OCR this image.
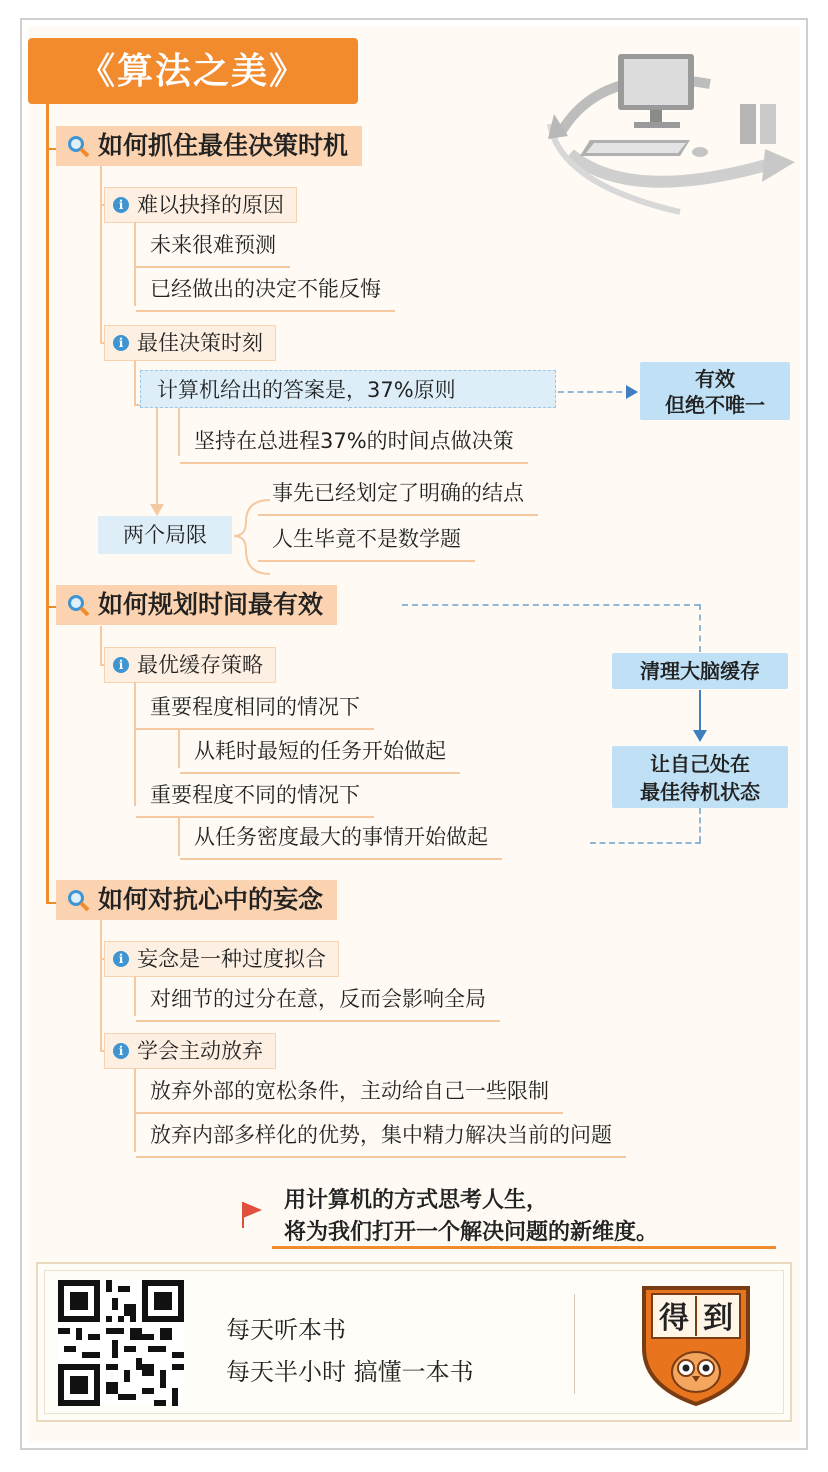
《算法之美》
如何抓住最佳决策时机
i 难以抉择的原因
未来很难预测
已经做出的决定不能反悔
i 最佳决策时刻
计算机给出的答案是，37%原则	有效
但绝不唯一
坚持在总进程37%的时间点做决策
两个局限
事先已经划定了明确的结点
人生毕竟不是数学题
如何规划时间最有效
清理大脑缓存
让自己处在
最佳待机状态
i 最优缓存策略
重要程度相同的情况下
从耗时最短的任务开始做起
重要程度不同的情况下
从任务密度最大的事情开始做起
如何对抗心中的妄念
i 妄念是一种过度拟合
对细节的过分在意，反而会影响全局
i 学会主动放弃
放弃外部的宽松条件，主动给自己一些限制
放弃内部多样化的优势，集中精力解决当前的问题
用计算机的方式思考人生，
将为我们打开一个解决问题的新维度。
每天听本书
每天半小时 搞懂一本书
得 到
